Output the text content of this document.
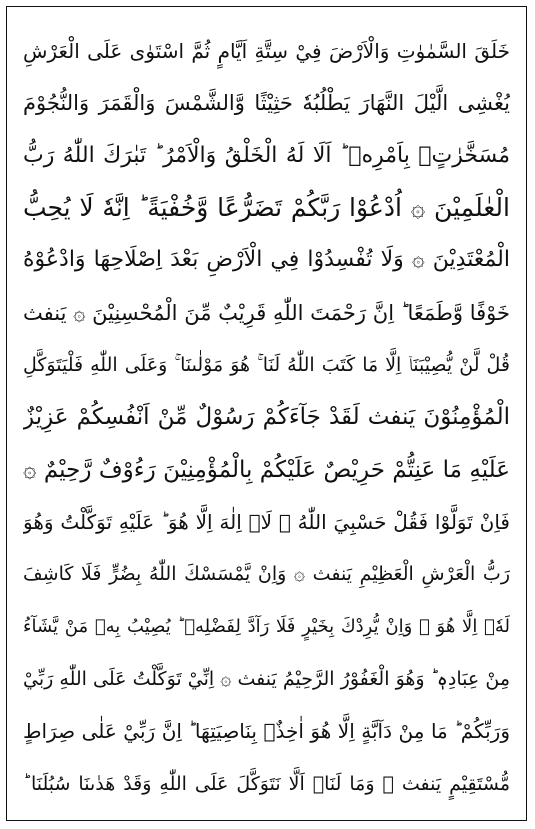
خَلَقَ السَّمٰوٰتِ وَالْاَرْضَ فِيْ سِتَّةِ اَيَّامٍ ثُمَّ اسْتَوٰى عَلَى الْعَرْشِ
يُغْشِى الَّيْلَ النَّهَارَ يَطْلُبُهٗ حَثِيْثًا وَّالشَّمْسَ وَالْقَمَرَ وَالنُّجُوْمَ
مُسَخَّرٰتٍۢ بِاَمْرِهٖ ؕ اَلَا لَهُ الْخَلْقُ وَالْاَمْرُ ؕ تَبٰرَكَ اللّٰهُ رَبُّ
الْعٰلَمِيْنَ ۞ اُدْعُوْا رَبَّكُمْ تَضَرُّعًا وَّخُفْيَةً ؕ اِنَّهٗ لَا يُحِبُّ
الْمُعْتَدِيْنَ ۞ وَلَا تُفْسِدُوْا فِي الْاَرْضِ بَعْدَ اِصْلَاحِهَا وَادْعُوْهُ
خَوْفًا وَّطَمَعًا ؕ اِنَّ رَحْمَتَ اللّٰهِ قَرِيْبٌ مِّنَ الْمُحْسِنِيْنَ ۞ يَنفث
قُلْ لَّنْ يُّصِيْبَنَاۤ اِلَّا مَا كَتَبَ اللّٰهُ لَنَا ۚ هُوَ مَوْلٰىنَا ۚ وَعَلَى اللّٰهِ فَلْيَتَوَكَّلِ
الْمُؤْمِنُوْنَ يَنفث لَقَدْ جَآءَكُمْ رَسُوْلٌ مِّنْ اَنْفُسِكُمْ عَزِيْزٌ
عَلَيْهِ مَا عَنِتُّمْ حَرِيْصٌ عَلَيْكُمْ بِالْمُؤْمِنِيْنَ رَءُوْفٌ رَّحِيْمٌ ۞
فَاِنْ تَوَلَّوْا فَقُلْ حَسْبِيَ اللّٰهُ ۖ لَاۤ اِلٰهَ اِلَّا هُوَ ؕ عَلَيْهِ تَوَكَّلْتُ وَهُوَ
رَبُّ الْعَرْشِ الْعَظِيْمِ يَنفث ۞ وَاِنْ يَّمْسَسْكَ اللّٰهُ بِضُرٍّ فَلَا كَاشِفَ
لَهٗۤ اِلَّا هُوَ ۚ وَاِنْ يُّرِدْكَ بِخَيْرٍ فَلَا رَآدَّ لِفَضْلِهٖ ؕ يُصِيْبُ بِهٖ مَنْ يَّشَآءُ
مِنْ عِبَادِهٖ ؕ وَهُوَ الْغَفُوْرُ الرَّحِيْمُ يَنفث ۞ اِنِّيْ تَوَكَّلْتُ عَلَى اللّٰهِ رَبِّيْ
وَرَبِّكُمْ ؕ مَا مِنْ دَآبَّةٍ اِلَّا هُوَ اٰخِذٌۢ بِنَاصِيَتِهَا ؕ اِنَّ رَبِّيْ عَلٰى صِرَاطٍ
مُّسْتَقِيْمٍ يَنفث ۞ وَمَا لَنَاۤ اَلَّا نَتَوَكَّلَ عَلَى اللّٰهِ وَقَدْ هَدٰىنَا سُبُلَنَا ؕ
